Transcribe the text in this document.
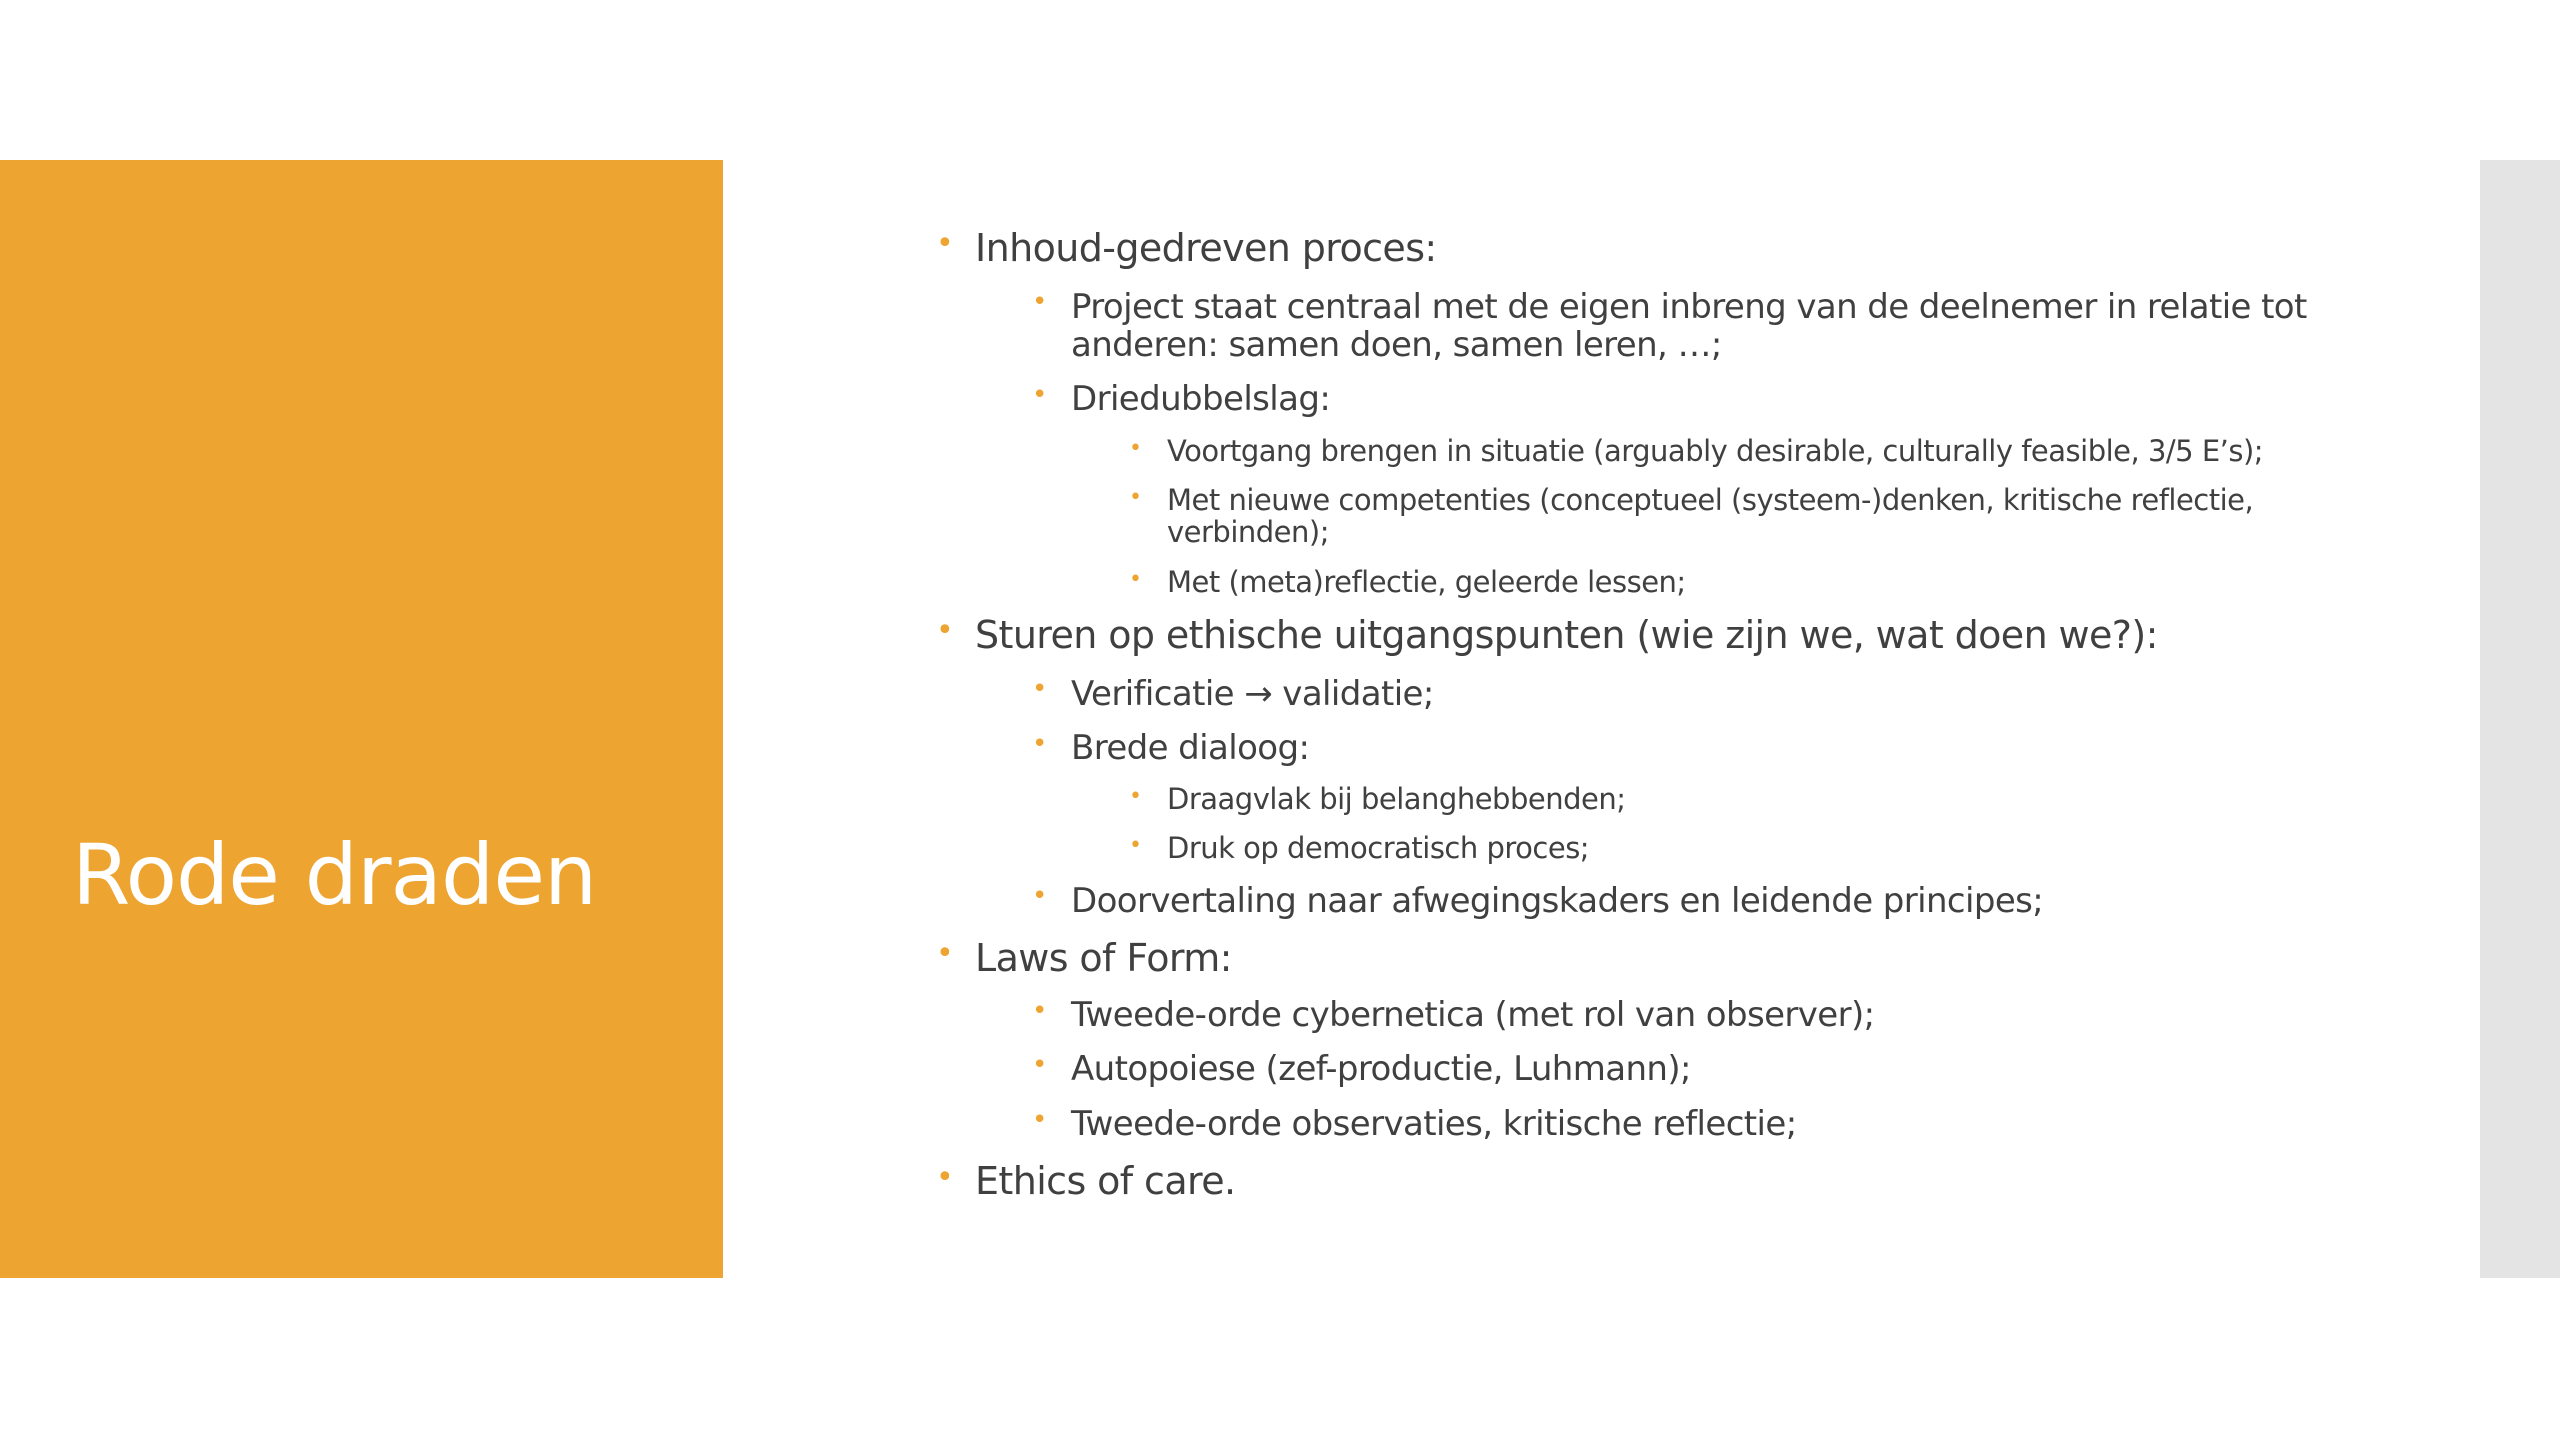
Rode draden
• Inhoud-gedreven proces:
• Project staat centraal met de eigen inbreng van de deelnemer in relatie tot
anderen: samen doen, samen leren, …;
• Driedubbelslag:
• Voortgang brengen in situatie (arguably desirable, culturally feasible, 3/5 E’s);
• Met nieuwe competenties (conceptueel (systeem-)denken, kritische reflectie,
verbinden);
• Met (meta)reflectie, geleerde lessen;
• Sturen op ethische uitgangspunten (wie zijn we, wat doen we?):
• Verificatie → validatie;
• Brede dialoog:
• Draagvlak bij belanghebbenden;
• Druk op democratisch proces;
• Doorvertaling naar afwegingskaders en leidende principes;
• Laws of Form:
• Tweede-orde cybernetica (met rol van observer);
• Autopoiese (zef-productie, Luhmann);
• Tweede-orde observaties, kritische reflectie;
• Ethics of care.
